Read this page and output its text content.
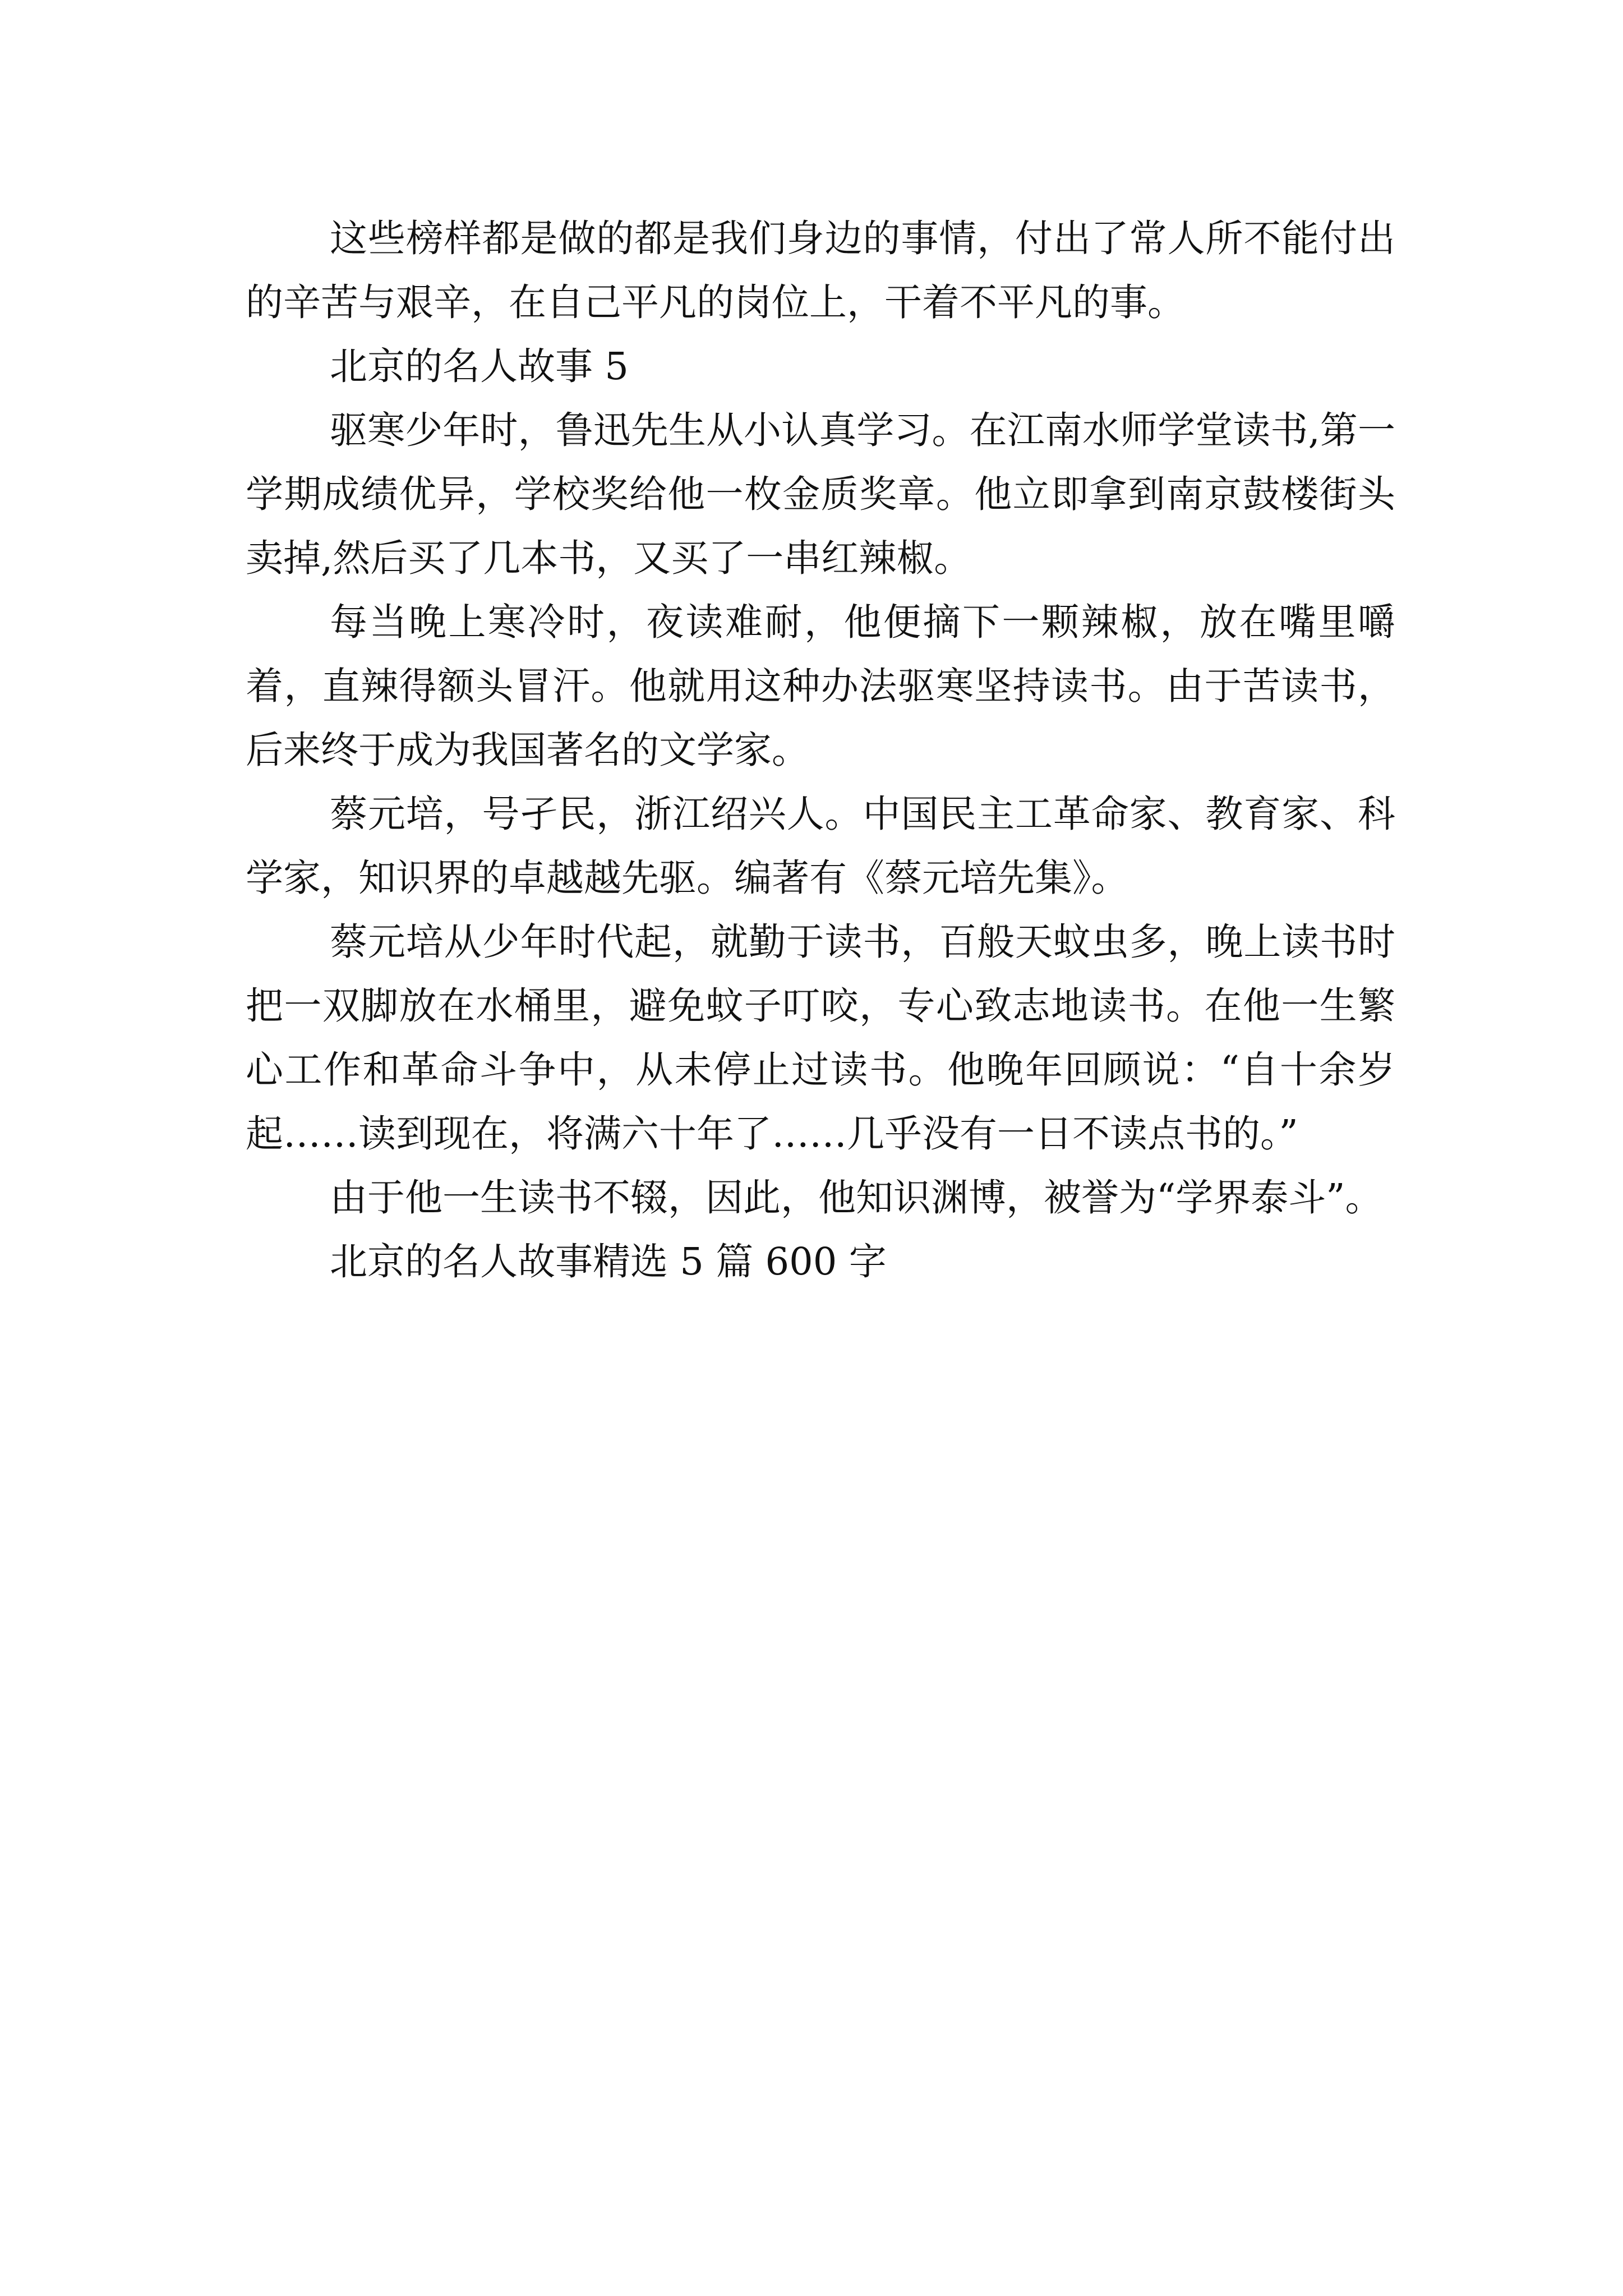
这些榜样都是做的都是我们身边的事情，付出了常人所不能付出的辛苦与艰辛，在自己平凡的岗位上，干着不平凡的事。

北京的名人故事 5

驱寒少年时，鲁迅先生从小认真学习。在江南水师学堂读书,第一学期成绩优异，学校奖给他一枚金质奖章。他立即拿到南京鼓楼街头卖掉,然后买了几本书，又买了一串红辣椒。

每当晚上寒冷时，夜读难耐，他便摘下一颗辣椒，放在嘴里嚼着，直辣得额头冒汗。他就用这种办法驱寒坚持读书。由于苦读书，后来终于成为我国著名的文学家。

蔡元培，号孑民，浙江绍兴人。中国民主工革命家、教育家、科学家，知识界的卓越越先驱。编著有《蔡元培先集》。

蔡元培从少年时代起，就勤于读书，百般天蚊虫多，晚上读书时把一双脚放在水桶里，避免蚊子叮咬，专心致志地读书。在他一生繁心工作和革命斗争中，从未停止过读书。他晚年回顾说：“自十余岁起……读到现在，将满六十年了……几乎没有一日不读点书的。”

由于他一生读书不辍，因此，他知识渊博，被誉为“学界泰斗”。

北京的名人故事精选 5 篇 600 字
